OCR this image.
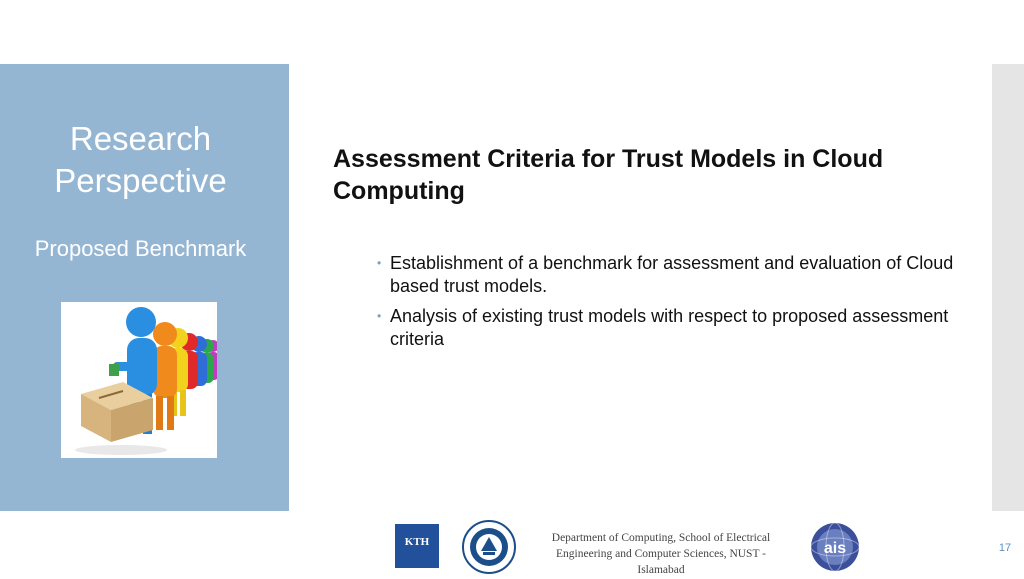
Research Perspective
Proposed Benchmark
Assessment Criteria for Trust Models in Cloud Computing
• Establishment of a benchmark for assessment and evaluation of Cloud based trust models.
• Analysis of existing trust models with respect to proposed assessment criteria
KTH	Department of Computing, School of Electrical Engineering and Computer Sciences, NUST - Islamabad
ais	17
